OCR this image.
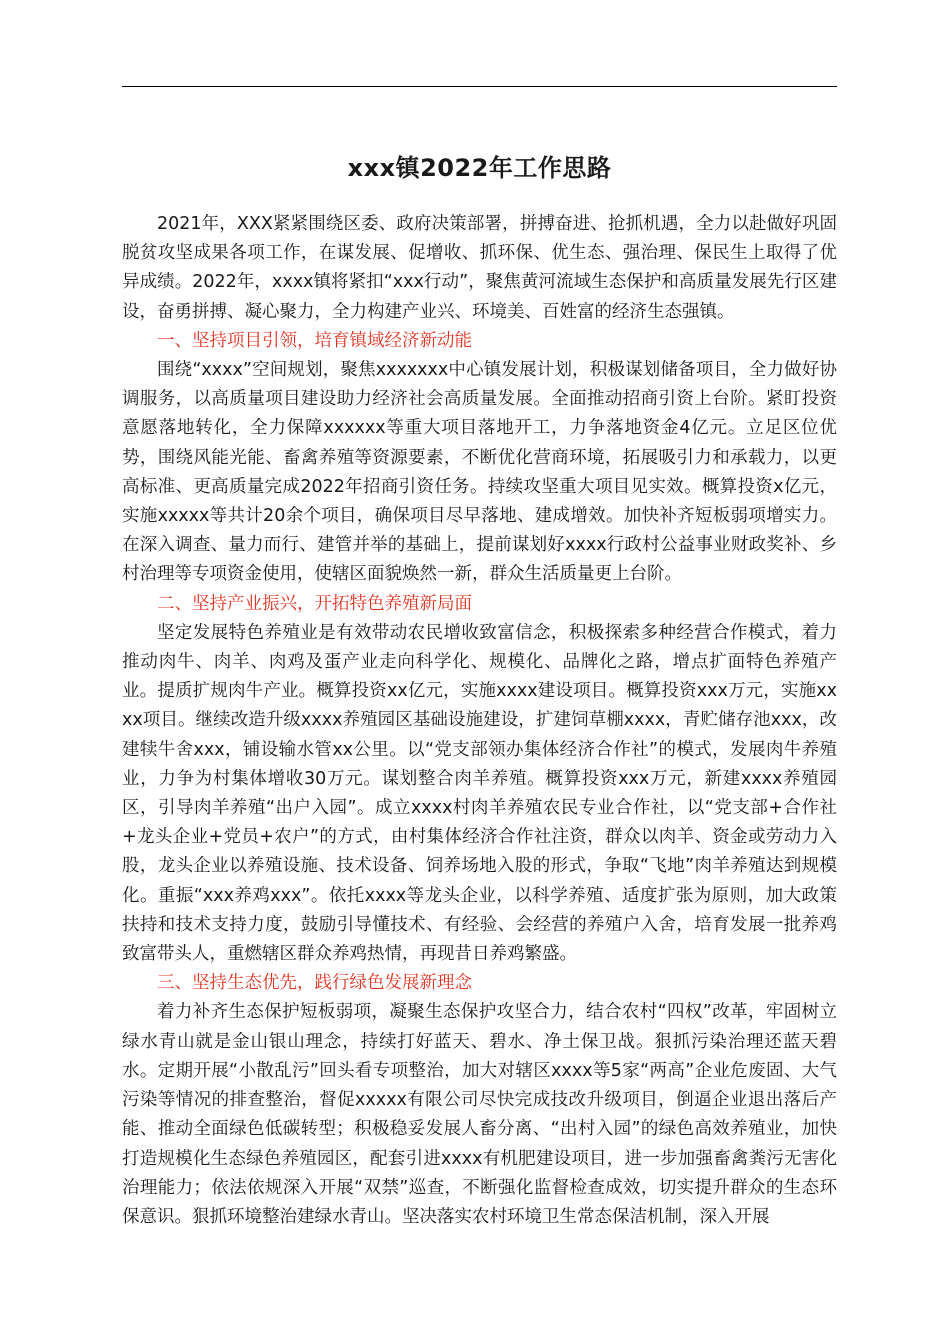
xxx镇2022年工作思路

2021年，XXX紧紧围绕区委、政府决策部署，拼搏奋进、抢抓机遇，全力以赴做好巩固脱贫攻坚成果各项工作，在谋发展、促增收、抓环保、优生态、强治理、保民生上取得了优异成绩。2022年，xxxx镇将紧扣“xxx行动”，聚焦黄河流域生态保护和高质量发展先行区建设，奋勇拼搏、凝心聚力，全力构建产业兴、环境美、百姓富的经济生态强镇。

一、坚持项目引领，培育镇域经济新动能

围绕“xxxx”空间规划，聚焦xxxxxxx中心镇发展计划，积极谋划储备项目，全力做好协调服务，以高质量项目建设助力经济社会高质量发展。全面推动招商引资上台阶。紧盯投资意愿落地转化，全力保障xxxxxx等重大项目落地开工，力争落地资金4亿元。立足区位优势，围绕风能光能、畜禽养殖等资源要素，不断优化营商环境，拓展吸引力和承载力，以更高标准、更高质量完成2022年招商引资任务。持续攻坚重大项目见实效。概算投资x亿元，实施xxxxx等共计20余个项目，确保项目尽早落地、建成增效。加快补齐短板弱项增实力。在深入调查、量力而行、建管并举的基础上，提前谋划好xxxx行政村公益事业财政奖补、乡村治理等专项资金使用，使辖区面貌焕然一新，群众生活质量更上台阶。

二、坚持产业振兴，开拓特色养殖新局面

坚定发展特色养殖业是有效带动农民增收致富信念，积极探索多种经营合作模式，着力推动肉牛、肉羊、肉鸡及蛋产业走向科学化、规模化、品牌化之路，增点扩面特色养殖产业。提质扩规肉牛产业。概算投资xx亿元，实施xxxx建设项目。概算投资xxx万元，实施xxxx项目。继续改造升级xxxx养殖园区基础设施建设，扩建饲草棚xxxx，青贮储存池xxx，改建犊牛舍xxx，铺设输水管xx公里。以“党支部领办集体经济合作社”的模式，发展肉牛养殖业，力争为村集体增收30万元。谋划整合肉羊养殖。概算投资xxx万元，新建xxxx养殖园区，引导肉羊养殖“出户入园”。成立xxxx村肉羊养殖农民专业合作社，以“党支部+合作社+龙头企业+党员+农户”的方式，由村集体经济合作社注资，群众以肉羊、资金或劳动力入股，龙头企业以养殖设施、技术设备、饲养场地入股的形式，争取“飞地”肉羊养殖达到规模化。重振“xxx养鸡xxx”。依托xxxx等龙头企业，以科学养殖、适度扩张为原则，加大政策扶持和技术支持力度，鼓励引导懂技术、有经验、会经营的养殖户入舍，培育发展一批养鸡致富带头人，重燃辖区群众养鸡热情，再现昔日养鸡繁盛。

三、坚持生态优先，践行绿色发展新理念

着力补齐生态保护短板弱项，凝聚生态保护攻坚合力，结合农村“四权”改革，牢固树立绿水青山就是金山银山理念，持续打好蓝天、碧水、净土保卫战。狠抓污染治理还蓝天碧水。定期开展“小散乱污”回头看专项整治，加大对辖区xxxx等5家“两高”企业危废固、大气污染等情况的排查整治，督促xxxxx有限公司尽快完成技改升级项目，倒逼企业退出落后产能、推动全面绿色低碳转型；积极稳妥发展人畜分离、“出村入园”的绿色高效养殖业，加快打造规模化生态绿色养殖园区，配套引进xxxx有机肥建设项目，进一步加强畜禽粪污无害化治理能力；依法依规深入开展“双禁”巡查，不断强化监督检查成效，切实提升群众的生态环保意识。狠抓环境整治建绿水青山。坚决落实农村环境卫生常态保洁机制，深入开展
